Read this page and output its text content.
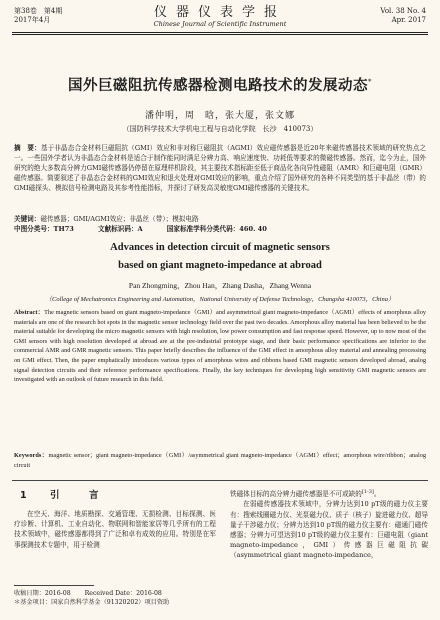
第38卷　第4期
2017年4月	仪器仪表学报
Chinese Journal of Scientific Instrument
Vol. 38 No. 4
Apr. 2017
国外巨磁阻抗传感器检测电路技术的发展动态*
潘仲明，周　晗，张大厦，张文娜
（国防科学技术大学机电工程与自动化学院　长沙　410073）
摘　要：基于非晶态合金材料巨磁阻抗（GMI）效应和非对称巨磁阻抗（AGMI）效应磁传感器是近20年来磁传感器技术领域的研究热点之一。一些国外学者认为非晶态合金材料是适合于制作能同时满足分辨力高、响应速度快、功耗低等要求的微磁传感器。然而，迄今为止，国外研究的绝大多数高分辨力GMI磁传感器仍停留在原理样机阶段，其主要技术指标距至低于商品化各向异性磁阻（AMR）和巨磁电阻（GMR）磁传感器。简要叙述了非晶态合金材料的GMI效应和退火处理对GMI效应的影响，重点介绍了国外研究的各种不同类型的基于非晶丝（带）的GMI磁探头、模拟信号检测电路及其参考性能指标，并探讨了研发高灵敏度GMI磁传感器的关键技术。
关键词：磁传感器；GMI/AGMI效应；非晶丝（带）；模拟电路
中图分类号：TH73	文献标识码：A	国家标准学科分类代码：460. 40
Advances in detection circuit of magnetic sensors
based on giant magneto-impedance at abroad
Pan Zhongming，Zhou Han，Zhang Dasha，Zhang Wenna
（College of Mechatronics Engineering and Automation，National University of Defense Technology，Changsha 410073，China）
Abstract：The magnetic sensors based on giant magneto-impedance（GMI）and asymmetrical giant magneto-impedance（AGMI）effects of amorphous alloy materials are one of the research hot spots in the magnetic sensor technology field over the past two decades. Amorphous alloy material has been believed to be the material suitable for developing the micro magnetic sensors with high resolution, low power consumption and fast response speed. However, up to now most of the GMI sensors with high resolution developed at abroad are at the pre-industrial prototype stage, and their basic performance specifications are inferior to the commercial AMR and GMR magnetic sensors. This paper briefly describes the influence of the GMI effect in amorphous alloy material and annealing processing on GMI effect. Then, the paper emphatically introduces various types of amorphous wires and ribbons based GMI magnetic sensors developed abroad, analog signal detection circuits and their reference performance specifications. Finally, the key techniques for developing high sensitivity GMI magnetic sensors are investigated with an outlook of future research in this field.
Keywords：magnetic sensor；giant magneto-impedance（GMI）/asymmetrical giant magneto-impedance（AGMI）effect；amorphous wire/ribbon；analog circuit
1 引　言
在空天、海洋、地质勘探、交通管理、无损检测、目标探测、医疗诊断、计算机、工业自动化、物联网和智能家居等几乎所有的工程技术领域中，磁传感器都得到了广泛和卓有成效的应用。特别是在军事探测技术专题中，用于检测
铁磁体目标的高分辨力磁传感器是不可或缺的[1-3]。
在弱磁传感器技术领域中，分辨力达到10 pT级的磁力仪主要有：搜索线圈磁力仪、光泵磁力仪、质子（核子）旋进磁力仪、超导量子干涉磁力仪；分辨力达到10 pT级的磁力仪主要有：磁通门磁传感器；分辨力可望达到10 pT级的磁力仪主要有：巨磁电阻（giant magneto-impedance，GMI）传感器巨磁阻抗碳（asymmetrical giant magneto-impedance，
收稿日期：2016-08 Received Date：2016-08
＊基金项目：国家自然科学基金（91320202）项目资助
